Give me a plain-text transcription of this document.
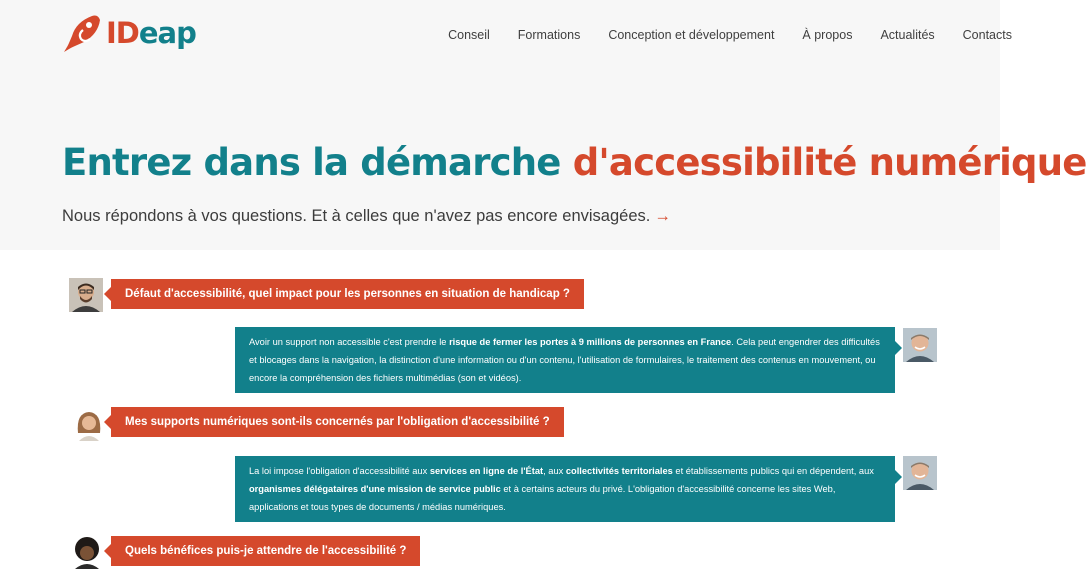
IDeap	Conseil Formations Conception et développement À propos Actualités Contacts
Entrez dans la démarche d'accessibilité numérique

Nous répondons à vos questions. Et à celles que n'avez pas encore envisagées. →

Défaut d'accessibilité, quel impact pour les personnes en situation de handicap ?
Avoir un support non accessible c'est prendre le risque de fermer les portes à 9 millions de personnes en France. Cela peut engendrer des difficultés et blocages dans la navigation, la distinction d'une information ou d'un contenu, l'utilisation de formulaires, le traitement des contenus en mouvement, ou encore la compréhension des fichiers multimédias (son et vidéos).
Mes supports numériques sont-ils concernés par l'obligation d'accessibilité ?
La loi impose l'obligation d'accessibilité aux services en ligne de l'État, aux collectivités territoriales et établissements publics qui en dépendent, aux organismes délégataires d'une mission de service public et à certains acteurs du privé. L'obligation d'accessibilité concerne les sites Web, applications et tous types de documents / médias numériques.
Quels bénéfices puis-je attendre de l'accessibilité ?
